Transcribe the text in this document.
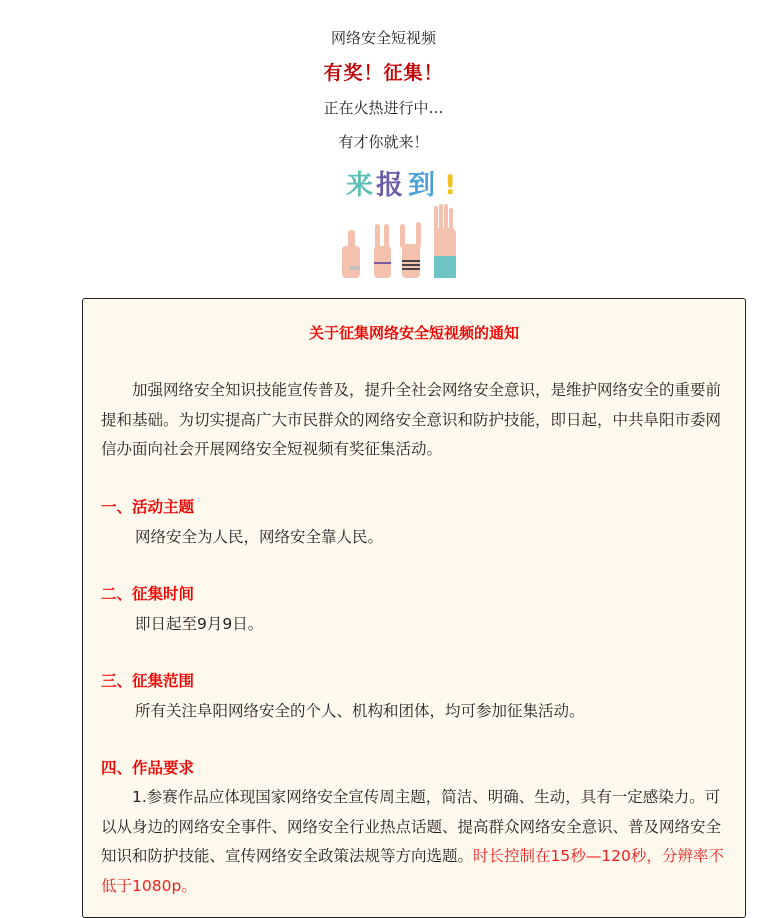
网络安全短视频
有奖！征集！
正在火热进行中…
有才你就来！
来 报 到 !
关于征集网络安全短视频的通知
加强网络安全知识技能宣传普及，提升全社会网络安全意识，是维护网络安全的重要前提和基础。为切实提高广大市民群众的网络安全意识和防护技能，即日起，中共阜阳市委网信办面向社会开展网络安全短视频有奖征集活动。
一、活动主题
网络安全为人民，网络安全靠人民。
二、征集时间
即日起至9月9日。
三、征集范围
所有关注阜阳网络安全的个人、机构和团体，均可参加征集活动。
四、作品要求
1.参赛作品应体现国家网络安全宣传周主题，简洁、明确、生动，具有一定感染力。可以从身边的网络安全事件、网络安全行业热点话题、提高群众网络安全意识、普及网络安全知识和防护技能、宣传网络安全政策法规等方向选题。时长控制在15秒—120秒，分辨率不低于1080p。
